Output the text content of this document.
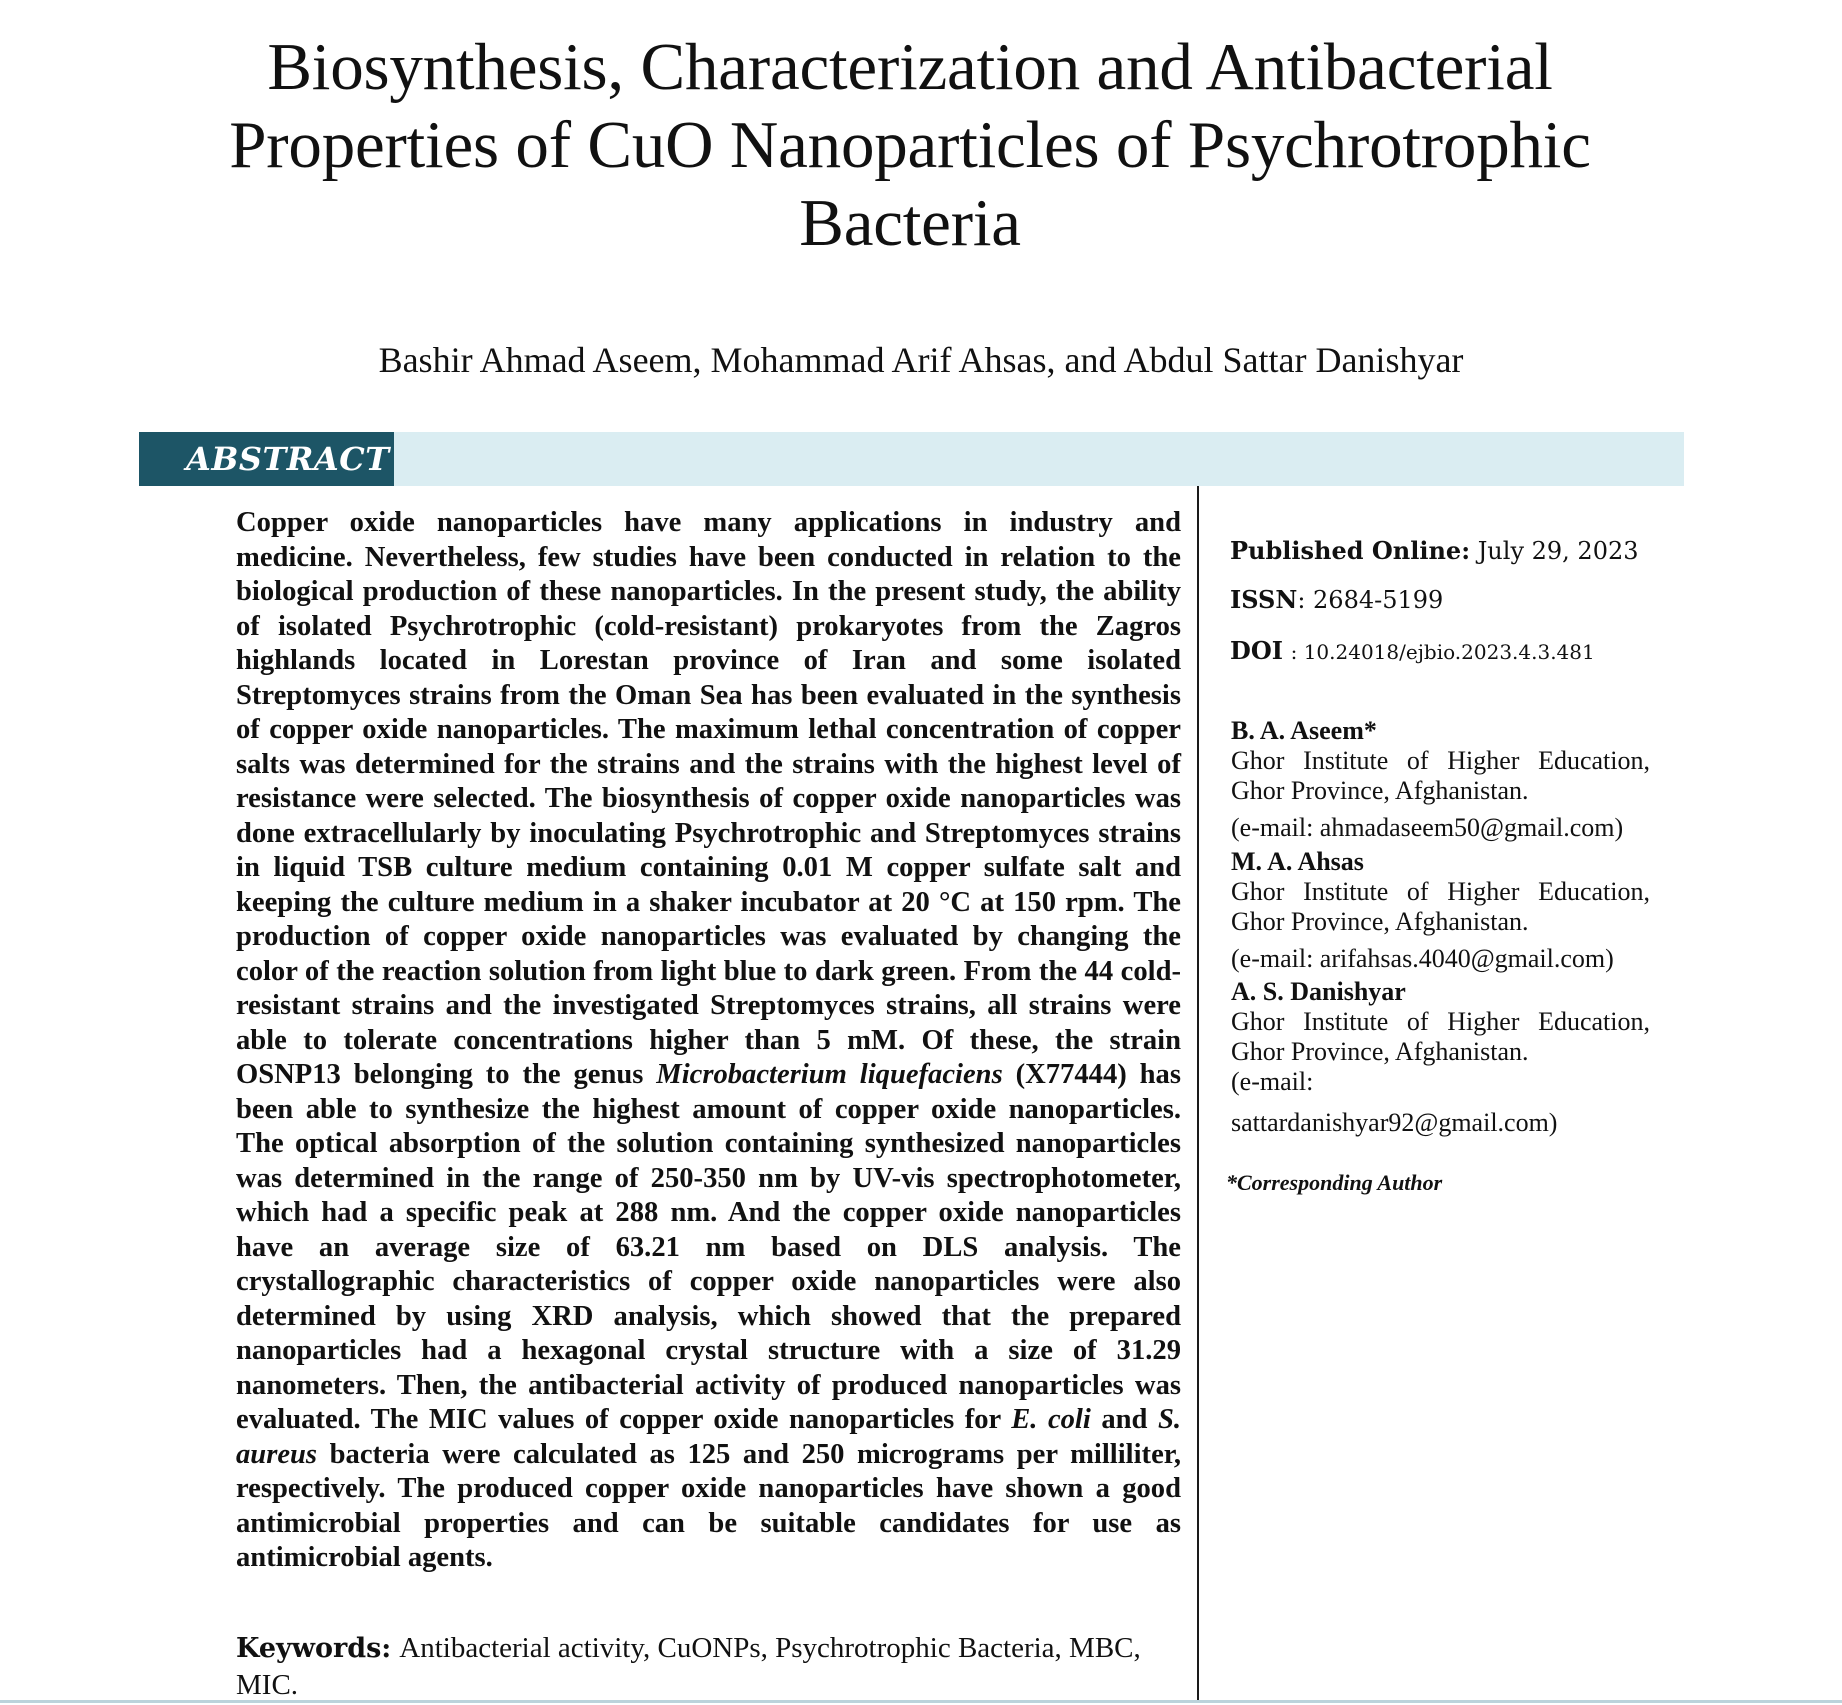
Biosynthesis, Characterization and Antibacterial Properties of CuO Nanoparticles of Psychrotrophic Bacteria
Bashir Ahmad Aseem, Mohammad Arif Ahsas, and Abdul Sattar Danishyar
ABSTRACT

Copper oxide nanoparticles have many applications in industry and medicine. Nevertheless, few studies have been conducted in relation to the biological production of these nanoparticles. In the present study, the ability of isolated Psychrotrophic (cold-resistant) prokaryotes from the Zagros highlands located in Lorestan province of Iran and some isolated Streptomyces strains from the Oman Sea has been evaluated in the synthesis of copper oxide nanoparticles. The maximum lethal concentration of copper salts was determined for the strains and the strains with the highest level of resistance were selected. The biosynthesis of copper oxide nanoparticles was done extracellularly by inoculating Psychrotrophic and Streptomyces strains in liquid TSB culture medium containing 0.01 M copper sulfate salt and keeping the culture medium in a shaker incubator at 20 °C at 150 rpm. The production of copper oxide nanoparticles was evaluated by changing the color of the reaction solution from light blue to dark green. From the 44 cold-resistant strains and the investigated Streptomyces strains, all strains were able to tolerate concentrations higher than 5 mM. Of these, the strain OSNP13 belonging to the genus Microbacterium liquefaciens (X77444) has been able to synthesize the highest amount of copper oxide nanoparticles. The optical absorption of the solution containing synthesized nanoparticles was determined in the range of 250-350 nm by UV-vis spectrophotometer, which had a specific peak at 288 nm. And the copper oxide nanoparticles have an average size of 63.21 nm based on DLS analysis. The crystallographic characteristics of copper oxide nanoparticles were also determined by using XRD analysis, which showed that the prepared nanoparticles had a hexagonal crystal structure with a size of 31.29 nanometers. Then, the antibacterial activity of produced nanoparticles was evaluated. The MIC values of copper oxide nanoparticles for E. coli and S. aureus bacteria were calculated as 125 and 250 micrograms per milliliter, respectively. The produced copper oxide nanoparticles have shown a good antimicrobial properties and can be suitable candidates for use as antimicrobial agents.

Keywords: Antibacterial activity, CuONPs, Psychrotrophic Bacteria, MBC, MIC.

Published Online: July 29, 2023
ISSN: 2684-5199
DOI : 10.24018/ejbio.2023.4.3.481
B. A. Aseem*
Ghor Institute of Higher Education,
Ghor Province, Afghanistan.
(e-mail: ahmadaseem50@gmail.com)
M. A. Ahsas
Ghor Institute of Higher Education,
Ghor Province, Afghanistan.
(e-mail: arifahsas.4040@gmail.com)
A. S. Danishyar
Ghor Institute of Higher Education,
Ghor Province, Afghanistan.
(e-mail:
sattardanishyar92@gmail.com)
*Corresponding Author
